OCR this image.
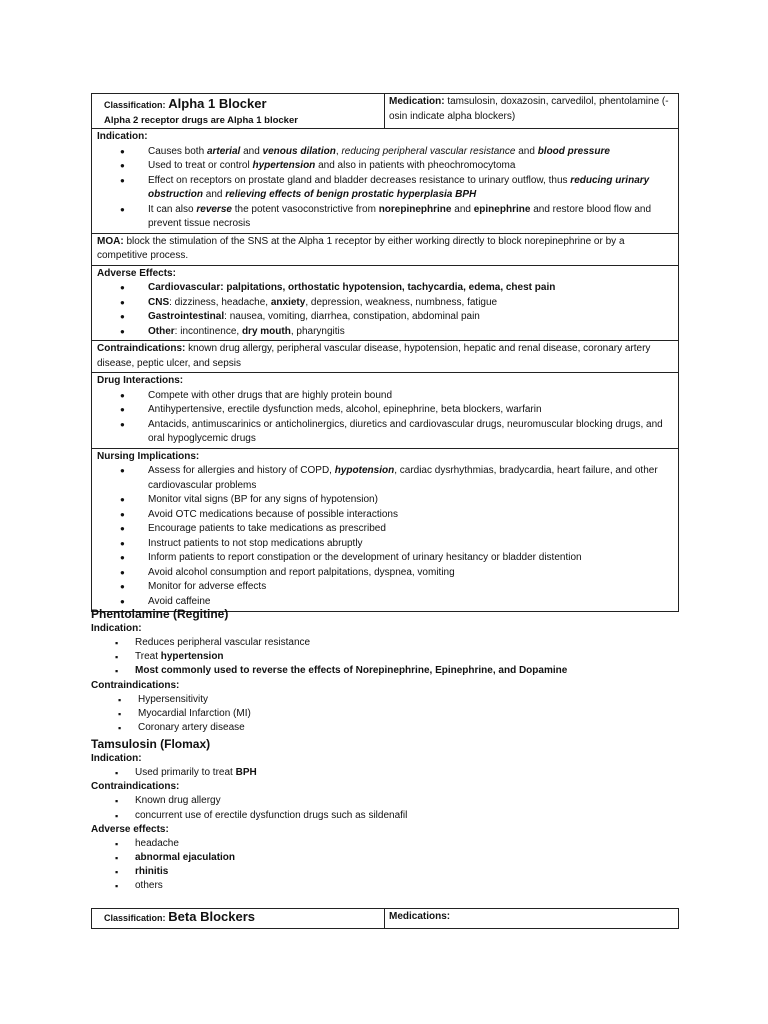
Classification: Alpha 1 Blocker
Alpha 2 receptor drugs are Alpha 1 blocker
	Medication: tamsulosin, doxazosin, carvedilol, phentolamine (-osin indicate alpha blockers)

Indication:
● Causes both arterial and venous dilation, reducing peripheral vascular resistance and blood pressure
● Used to treat or control hypertension and also in patients with pheochromocytoma
● Effect on receptors on prostate gland and bladder decreases resistance to urinary outflow, thus reducing urinary obstruction and relieving effects of benign prostatic hyperplasia BPH
● It can also reverse the potent vasoconstrictive from norepinephrine and epinephrine and restore blood flow and prevent tissue necrosis

MOA: block the stimulation of the SNS at the Alpha 1 receptor by either working directly to block norepinephrine or by a competitive process.

Adverse Effects:
● Cardiovascular: palpitations, orthostatic hypotension, tachycardia, edema, chest pain
● CNS: dizziness, headache, anxiety, depression, weakness, numbness, fatigue
● Gastrointestinal: nausea, vomiting, diarrhea, constipation, abdominal pain
● Other: incontinence, dry mouth, pharyngitis

Contraindications: known drug allergy, peripheral vascular disease, hypotension, hepatic and renal disease, coronary artery disease, peptic ulcer, and sepsis

Drug Interactions:
● Compete with other drugs that are highly protein bound
● Antihypertensive, erectile dysfunction meds, alcohol, epinephrine, beta blockers, warfarin
● Antacids, antimuscarinics or anticholinergics, diuretics and cardiovascular drugs, neuromuscular blocking drugs, and oral hypoglycemic drugs

Nursing Implications:
● Assess for allergies and history of COPD, hypotension, cardiac dysrhythmias, bradycardia, heart failure, and other cardiovascular problems
● Monitor vital signs (BP for any signs of hypotension)
● Avoid OTC medications because of possible interactions
● Encourage patients to take medications as prescribed
● Instruct patients to not stop medications abruptly
● Inform patients to report constipation or the development of urinary hesitancy or bladder distention
● Avoid alcohol consumption and report palpitations, dyspnea, vomiting
● Monitor for adverse effects
● Avoid caffeine
Phentolamine (Regitine)
Indication:
▪ Reduces peripheral vascular resistance
▪ Treat hypertension
▪ Most commonly used to reverse the effects of Norepinephrine, Epinephrine, and Dopamine
Contraindications:
▪ Hypersensitivity
▪ Myocardial Infarction (MI)
▪ Coronary artery disease
Tamsulosin (Flomax)
Indication:
▪ Used primarily to treat BPH
Contraindications:
▪ Known drug allergy
▪ concurrent use of erectile dysfunction drugs such as sildenafil
Adverse effects:
▪ headache
▪ abnormal ejaculation
▪ rhinitis
▪ others
Classification: Beta Blockers	Medications:
